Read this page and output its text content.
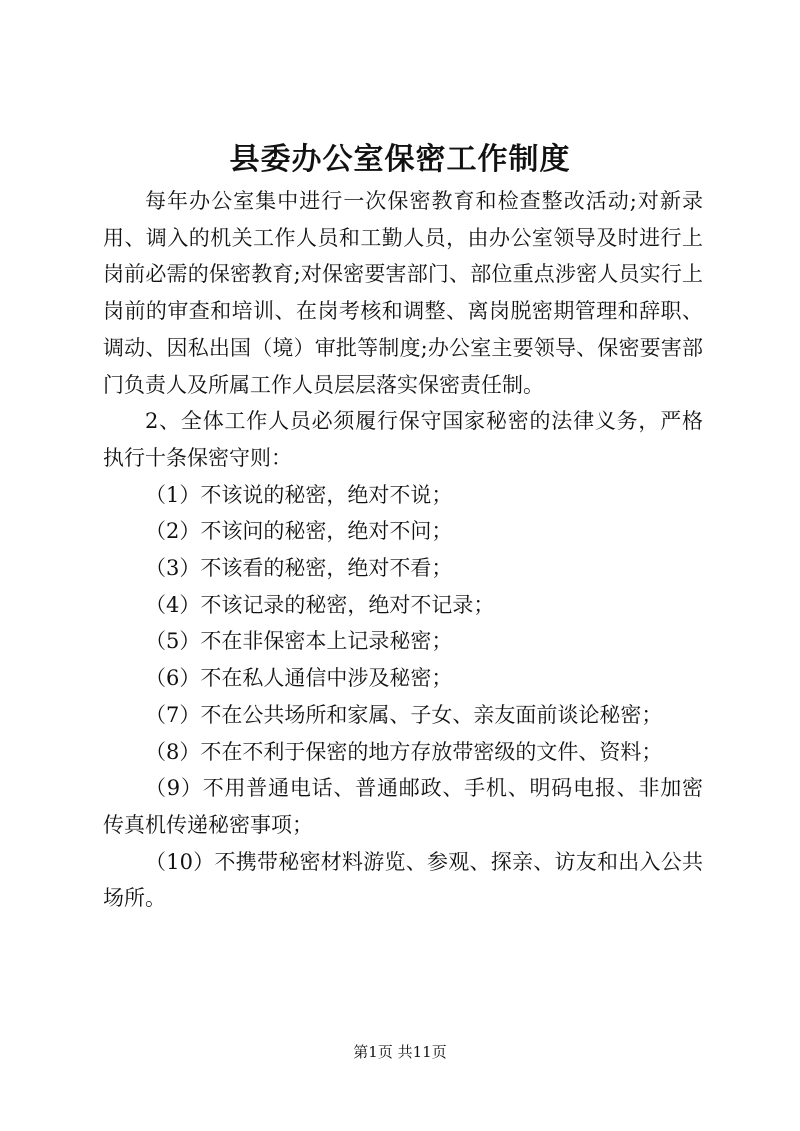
县委办公室保密工作制度

每年办公室集中进行一次保密教育和检查整改活动;对新录用、调入的机关工作人员和工勤人员，由办公室领导及时进行上岗前必需的保密教育;对保密要害部门、部位重点涉密人员实行上岗前的审查和培训、在岗考核和调整、离岗脱密期管理和辞职、调动、因私出国（境）审批等制度;办公室主要领导、保密要害部门负责人及所属工作人员层层落实保密责任制。

2、全体工作人员必须履行保守国家秘密的法律义务，严格执行十条保密守则：

（1）不该说的秘密，绝对不说；
（2）不该问的秘密，绝对不问；
（3）不该看的秘密，绝对不看；
（4）不该记录的秘密，绝对不记录；
（5）不在非保密本上记录秘密；
（6）不在私人通信中涉及秘密；
（7）不在公共场所和家属、子女、亲友面前谈论秘密；
（8）不在不利于保密的地方存放带密级的文件、资料；
（9）不用普通电话、普通邮政、手机、明码电报、非加密传真机传递秘密事项；
（10）不携带秘密材料游览、参观、探亲、访友和出入公共场所。
第1页 共11页
